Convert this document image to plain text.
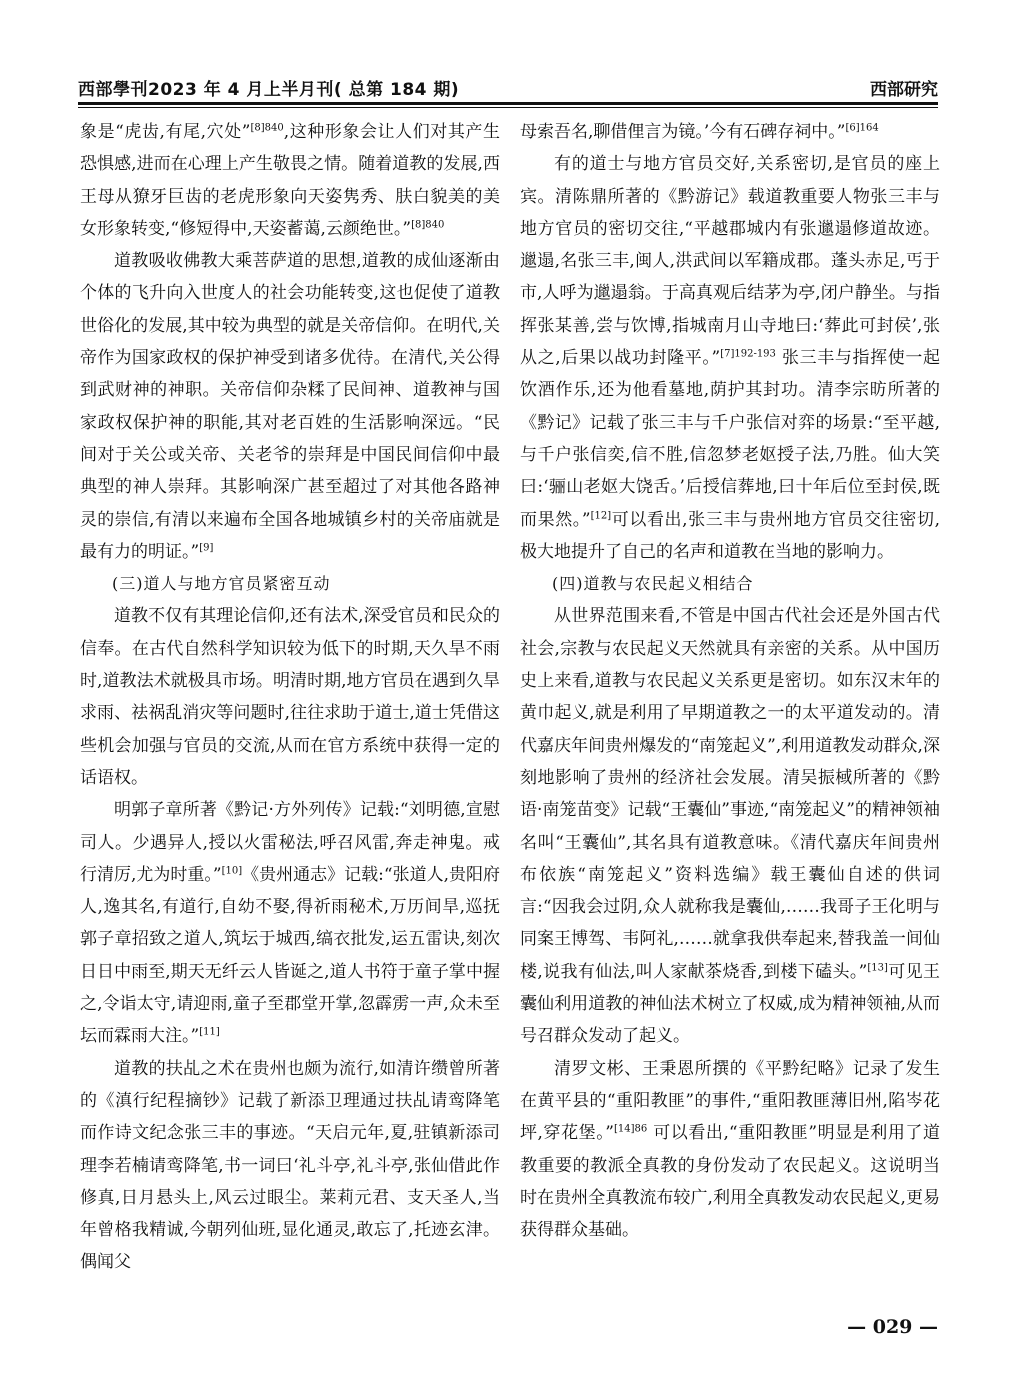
西部學刊2023 年 4 月上半月刊( 总第 184 期)	西部研究

象是“虎齿,有尾,穴处”$^{[8]840}$,这种形象会让人们对其产生恐惧感,进而在心理上产生敬畏之情。随着道教的发展,西王母从獠牙巨齿的老虎形象向天姿隽秀、肤白貌美的美女形象转变,“修短得中,天姿蓄蔼,云颜绝世。”$^{[8]840}$

道教吸收佛教大乘菩萨道的思想,道教的成仙逐渐由个体的飞升向入世度人的社会功能转变,这也促使了道教世俗化的发展,其中较为典型的就是关帝信仰。在明代,关帝作为国家政权的保护神受到诸多优待。在清代,关公得到武财神的神职。关帝信仰杂糅了民间神、道教神与国家政权保护神的职能,其对老百姓的生活影响深远。“民间对于关公或关帝、关老爷的崇拜是中国民间信仰中最典型的神人崇拜。其影响深广甚至超过了对其他各路神灵的崇信,有清以来遍布全国各地城镇乡村的关帝庙就是最有力的明证。”[9]

(三)道人与地方官员紧密互动

道教不仅有其理论信仰,还有法术,深受官员和民众的信奉。在古代自然科学知识较为低下的时期,天久旱不雨时,道教法术就极具市场。明清时期,地方官员在遇到久旱求雨、祛祸乱消灾等问题时,往往求助于道士,道士凭借这些机会加强与官员的交流,从而在官方系统中获得一定的话语权。

明郭子章所著《黔记·方外列传》记载:“刘明德,宣慰司人。少遇异人,授以火雷秘法,呼召风雷,奔走神鬼。戒行清厉,尤为时重。”[10]《贵州通志》记载:“张道人,贵阳府人,逸其名,有道行,自幼不娶,得祈雨秘术,万历间旱,巡抚郭子章招致之道人,筑坛于城西,缟衣批发,运五雷诀,刻次日日中雨至,期天无纤云人皆诞之,道人书符于童子掌中握之,令诣太守,请迎雨,童子至郡堂开掌,忽霹雳一声,众未至坛而霖雨大注。”[11]

道教的扶乩之术在贵州也颇为流行,如清许缵曾所著的《滇行纪程摘钞》记载了新添卫理通过扶乩请鸾降笔而作诗文纪念张三丰的事迹。“天启元年,夏,驻镇新添司理李若楠请鸾降笔,书一词曰‘礼斗亭,礼斗亭,张仙借此作修真,日月悬头上,风云过眼尘。莱莉元君、支天圣人,当年曾格我精诚,今朝列仙班,显化通灵,敢忘了,托迹玄津。偶闻父

母索吾名,聊借俚言为镜。’今有石碑存祠中。”$^{[6]164}$

有的道士与地方官员交好,关系密切,是官员的座上宾。清陈鼎所著的《黔游记》载道教重要人物张三丰与地方官员的密切交往,“平越郡城内有张邋遢修道故迹。邋遢,名张三丰,闽人,洪武间以军籍成郡。蓬头赤足,丐于市,人呼为邋遢翁。于高真观后结茅为亭,闭户静坐。与指挥张某善,尝与饮博,指城南月山寺地曰:‘葬此可封侯’,张从之,后果以战功封隆平。”$^{[7]192-193}$ 张三丰与指挥使一起饮酒作乐,还为他看墓地,荫护其封功。清李宗昉所著的《黔记》记载了张三丰与千户张信对弈的场景:“至平越,与千户张信奕,信不胜,信忽梦老妪授子法,乃胜。仙大笑曰:‘骊山老妪大饶舌。’后授信葬地,曰十年后位至封侯,既而果然。”[12]可以看出,张三丰与贵州地方官员交往密切,极大地提升了自己的名声和道教在当地的影响力。

(四)道教与农民起义相结合

从世界范围来看,不管是中国古代社会还是外国古代社会,宗教与农民起义天然就具有亲密的关系。从中国历史上来看,道教与农民起义关系更是密切。如东汉末年的黄巾起义,就是利用了早期道教之一的太平道发动的。清代嘉庆年间贵州爆发的“南笼起义”,利用道教发动群众,深刻地影响了贵州的经济社会发展。清吴振棫所著的《黔语·南笼苗变》记载“王囊仙”事迹,“南笼起义”的精神领袖名叫“王囊仙”,其名具有道教意味。《清代嘉庆年间贵州布依族“南笼起义”资料选编》载王囊仙自述的供词言:“因我会过阴,众人就称我是囊仙,……我哥子王化明与同案王博驾、韦阿礼,……就拿我供奉起来,替我盖一间仙楼,说我有仙法,叫人家献茶烧香,到楼下磕头。”[13]可见王囊仙利用道教的神仙法术树立了权威,成为精神领袖,从而号召群众发动了起义。

清罗文彬、王秉恩所撰的《平黔纪略》记录了发生在黄平县的“重阳教匪”的事件,“重阳教匪薄旧州,陷岑花坪,穿花堡。”$^{[14]86}$ 可以看出,“重阳教匪”明显是利用了道教重要的教派全真教的身份发动了农民起义。这说明当时在贵州全真教流布较广,利用全真教发动农民起义,更易获得群众基础。

— 029 —
